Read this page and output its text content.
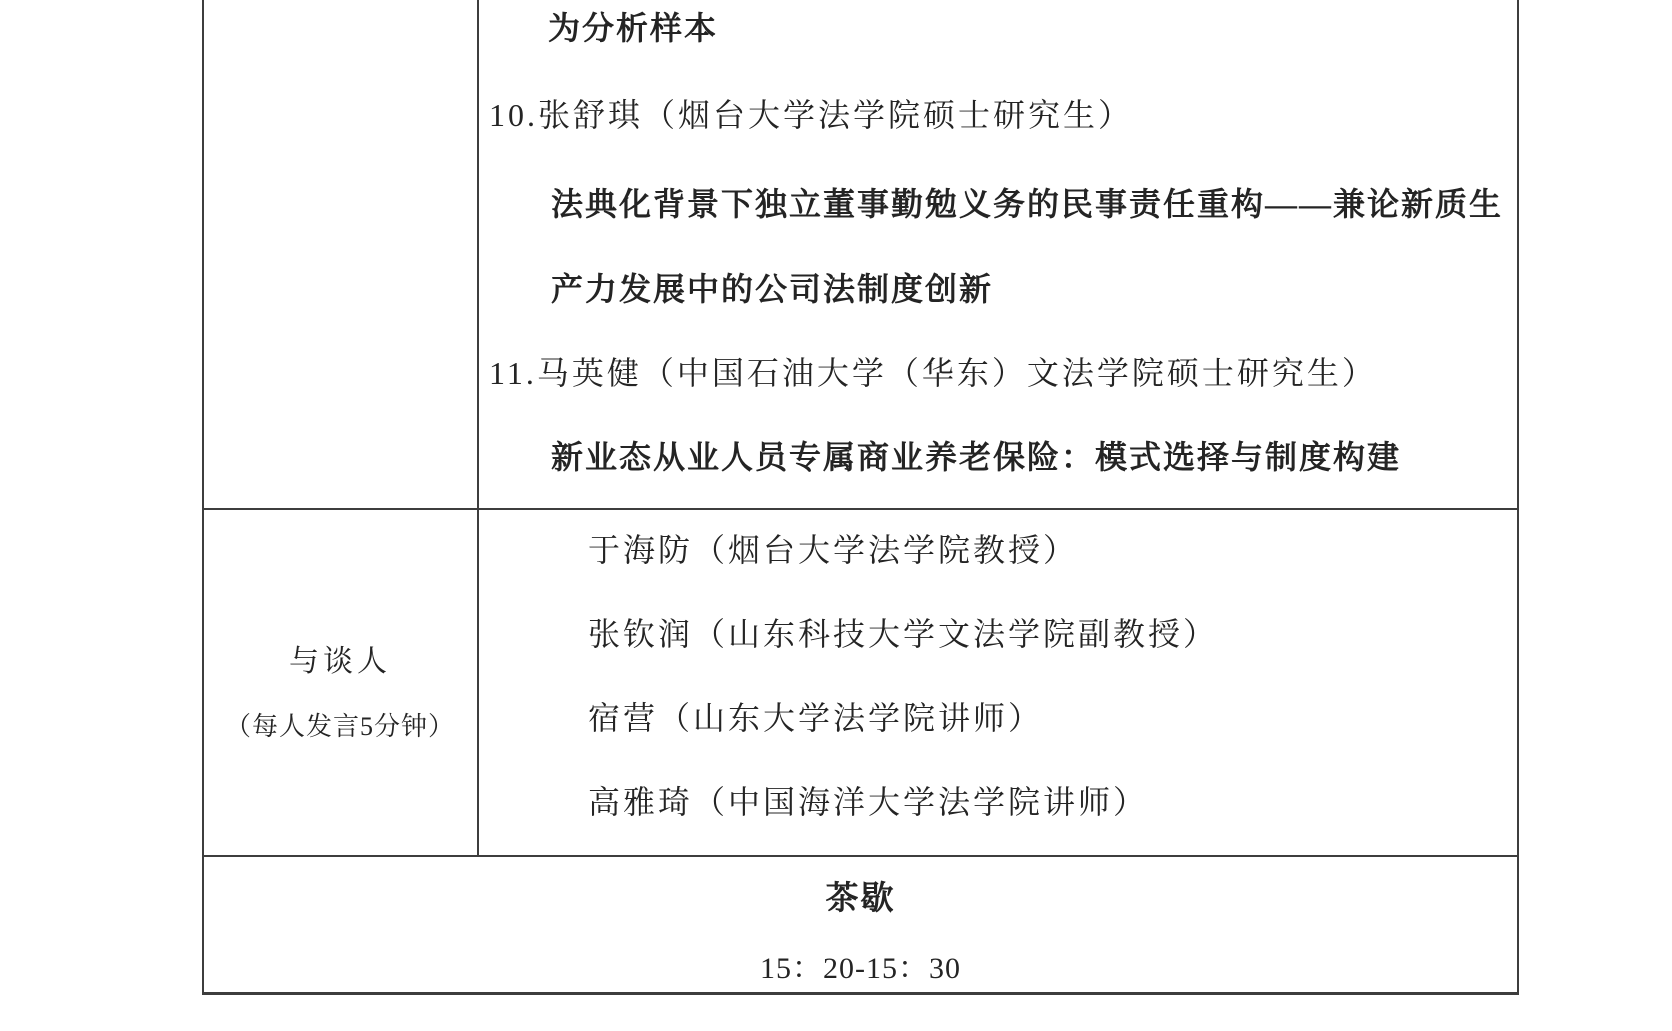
为分析样本
10.张舒琪（烟台大学法学院硕士研究生）
法典化背景下独立董事勤勉义务的民事责任重构——兼论新质生
产力发展中的公司法制度创新
11.马英健（中国石油大学（华东）文法学院硕士研究生）
新业态从业人员专属商业养老保险：模式选择与制度构建
与谈人
（每人发言5分钟）
于海防（烟台大学法学院教授）
张钦润（山东科技大学文法学院副教授）
宿营（山东大学法学院讲师）
高雅琦（中国海洋大学法学院讲师）
茶歇
15：20-15：30
